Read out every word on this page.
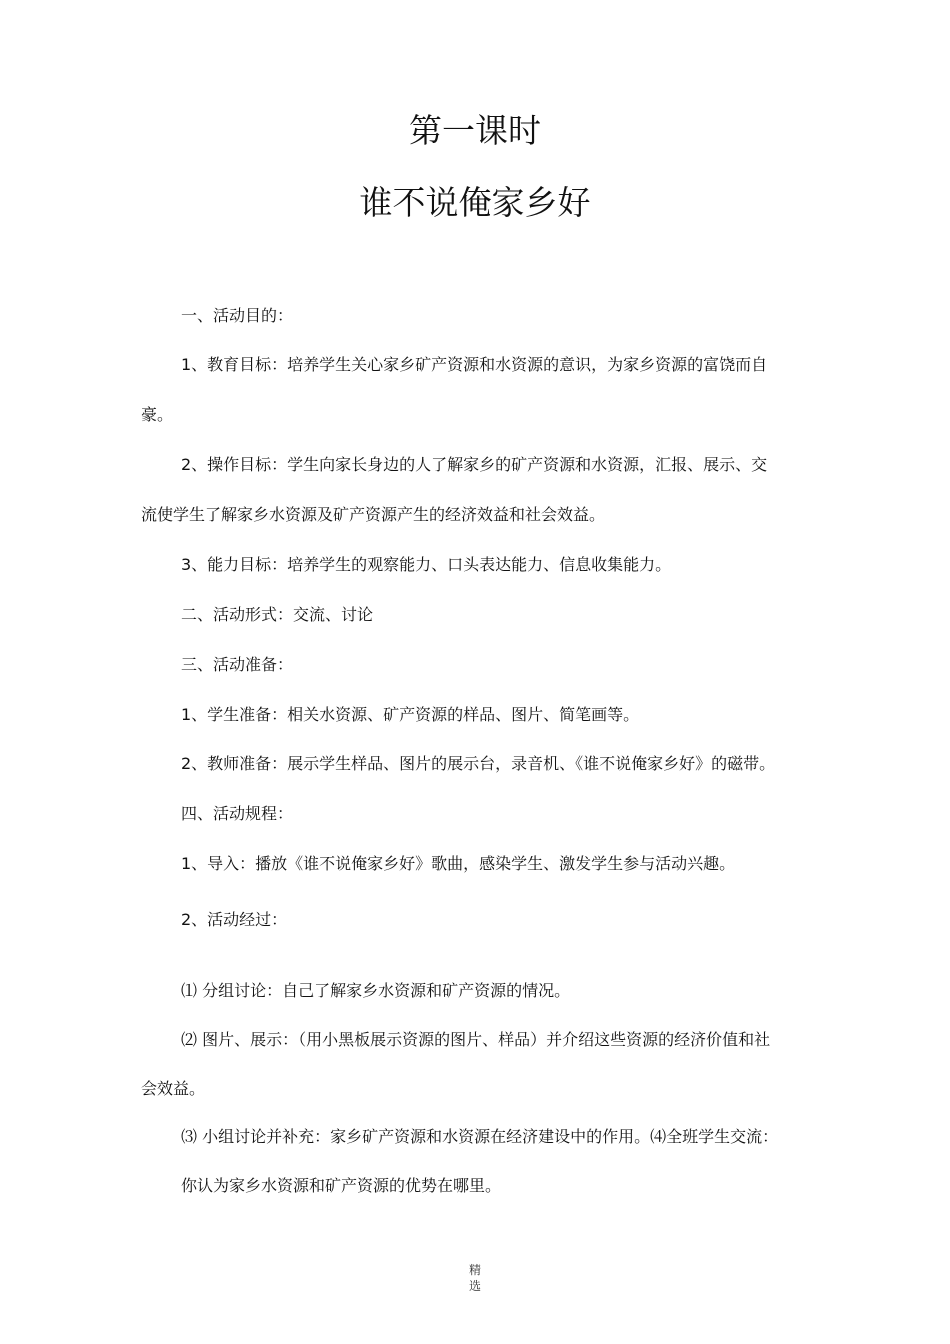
第一课时
谁不说俺家乡好

一、活动目的：

1、教育目标：培养学生关心家乡矿产资源和水资源的意识，为家乡资源的富饶而自

豪。

2、操作目标：学生向家长身边的人了解家乡的矿产资源和水资源，汇报、展示、交

流使学生了解家乡水资源及矿产资源产生的经济效益和社会效益。

3、能力目标：培养学生的观察能力、口头表达能力、信息收集能力。

二、活动形式：交流、讨论

三、活动准备：

1、学生准备：相关水资源、矿产资源的样品、图片、简笔画等。

2、教师准备：展示学生样品、图片的展示台，录音机、《谁不说俺家乡好》的磁带。

四、活动规程：

1、导入：播放《谁不说俺家乡好》歌曲，感染学生、激发学生参与活动兴趣。

2、活动经过：

⑴ 分组讨论：自己了解家乡水资源和矿产资源的情况。

⑵ 图片、展示：（用小黑板展示资源的图片、样品）并介绍这些资源的经济价值和社

会效益。

⑶ 小组讨论并补充：家乡矿产资源和水资源在经济建设中的作用。⑷全班学生交流：

你认为家乡水资源和矿产资源的优势在哪里。

精
选
